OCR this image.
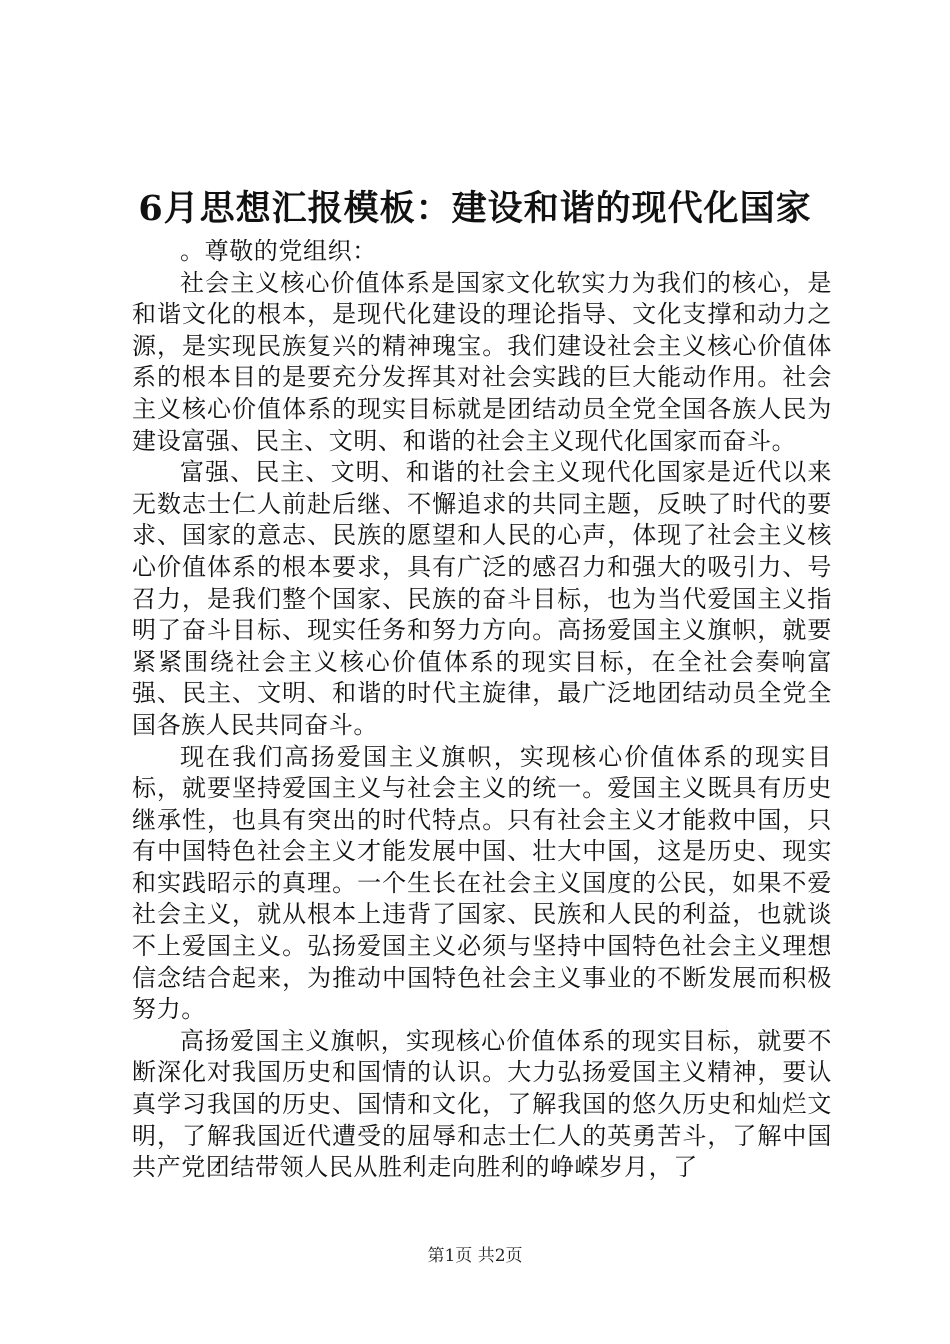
6月思想汇报模板：建设和谐的现代化国家

。尊敬的党组织：

社会主义核心价值体系是国家文化软实力为我们的核心，是和谐文化的根本，是现代化建设的理论指导、文化支撑和动力之源，是实现民族复兴的精神瑰宝。我们建设社会主义核心价值体系的根本目的是要充分发挥其对社会实践的巨大能动作用。社会主义核心价值体系的现实目标就是团结动员全党全国各族人民为建设富强、民主、文明、和谐的社会主义现代化国家而奋斗。

富强、民主、文明、和谐的社会主义现代化国家是近代以来无数志士仁人前赴后继、不懈追求的共同主题，反映了时代的要求、国家的意志、民族的愿望和人民的心声，体现了社会主义核心价值体系的根本要求，具有广泛的感召力和强大的吸引力、号召力，是我们整个国家、民族的奋斗目标，也为当代爱国主义指明了奋斗目标、现实任务和努力方向。高扬爱国主义旗帜，就要紧紧围绕社会主义核心价值体系的现实目标，在全社会奏响富强、民主、文明、和谐的时代主旋律，最广泛地团结动员全党全国各族人民共同奋斗。

现在我们高扬爱国主义旗帜，实现核心价值体系的现实目标，就要坚持爱国主义与社会主义的统一。爱国主义既具有历史继承性，也具有突出的时代特点。只有社会主义才能救中国，只有中国特色社会主义才能发展中国、壮大中国，这是历史、现实和实践昭示的真理。一个生长在社会主义国度的公民，如果不爱社会主义，就从根本上违背了国家、民族和人民的利益，也就谈不上爱国主义。弘扬爱国主义必须与坚持中国特色社会主义理想信念结合起来，为推动中国特色社会主义事业的不断发展而积极努力。

高扬爱国主义旗帜，实现核心价值体系的现实目标，就要不断深化对我国历史和国情的认识。大力弘扬爱国主义精神，要认真学习我国的历史、国情和文化，了解我国的悠久历史和灿烂文明，了解我国近代遭受的屈辱和志士仁人的英勇苦斗，了解中国共产党团结带领人民从胜利走向胜利的峥嵘岁月，了

第1页 共2页
